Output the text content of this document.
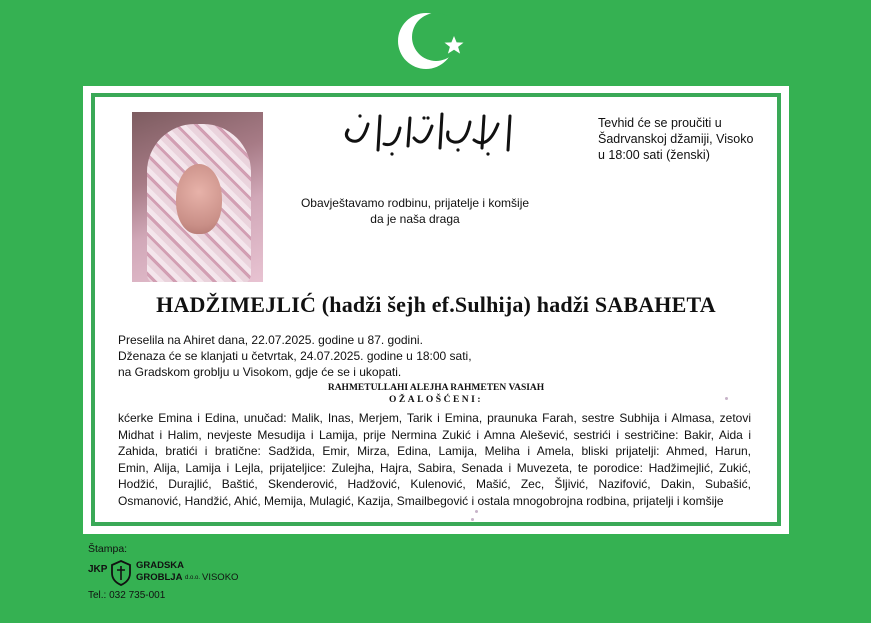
Tevhid će se proučiti u
Šadrvanskoj džamiji, Visoko
u 18:00 sati (ženski)
Obavještavamo rodbinu, prijatelje i komšije
da je naša draga
HADŽIMEJLIĆ (hadži šejh ef.Sulhija) hadži SABAHETA
Preselila na Ahiret dana, 22.07.2025. godine u 87. godini.
Dženaza će se klanjati u četvrtak, 24.07.2025. godine u 18:00 sati,
na Gradskom groblju u Visokom, gdje će se i ukopati.
RAHMETULLAHI ALEJHA RAHMETEN VASIAH
OŽALOŠĆENI:
kćerke Emina i Edina, unučad: Malik, Inas, Merjem, Tarik i Emina, praunuka Farah, sestre Subhija i Almasa, zetovi
Midhat i Halim, nevjeste Mesudija i Lamija, prije Nermina Zukić i Amna Alešević, sestrići i sestričine: Bakir, Aida i
Zahida, bratići i bratične: Sadžida, Emir, Mirza, Edina, Lamija, Meliha i Amela, bliski prijatelji: Ahmed, Harun,
Emin, Alija, Lamija i Lejla, prijateljice: Zulejha, Hajra, Sabira, Senada i Muvezeta, te porodice: Hadžimejlić, Zukić,
Hodžić, Durajlić, Baštić, Skenderović, Hadžović, Kulenović, Mašić, Zec, Šljivić, Nazifović, Dakin, Subašić,
Osmanović, Handžić, Ahić, Memija, Mulagić, Kazija, Smailbegović i ostala mnogobrojna rodbina, prijatelji i komšije
Štampa:
JKP	GRADSKA
GROBLJA d.o.o. VISOKO
Tel.: 032 735-001
